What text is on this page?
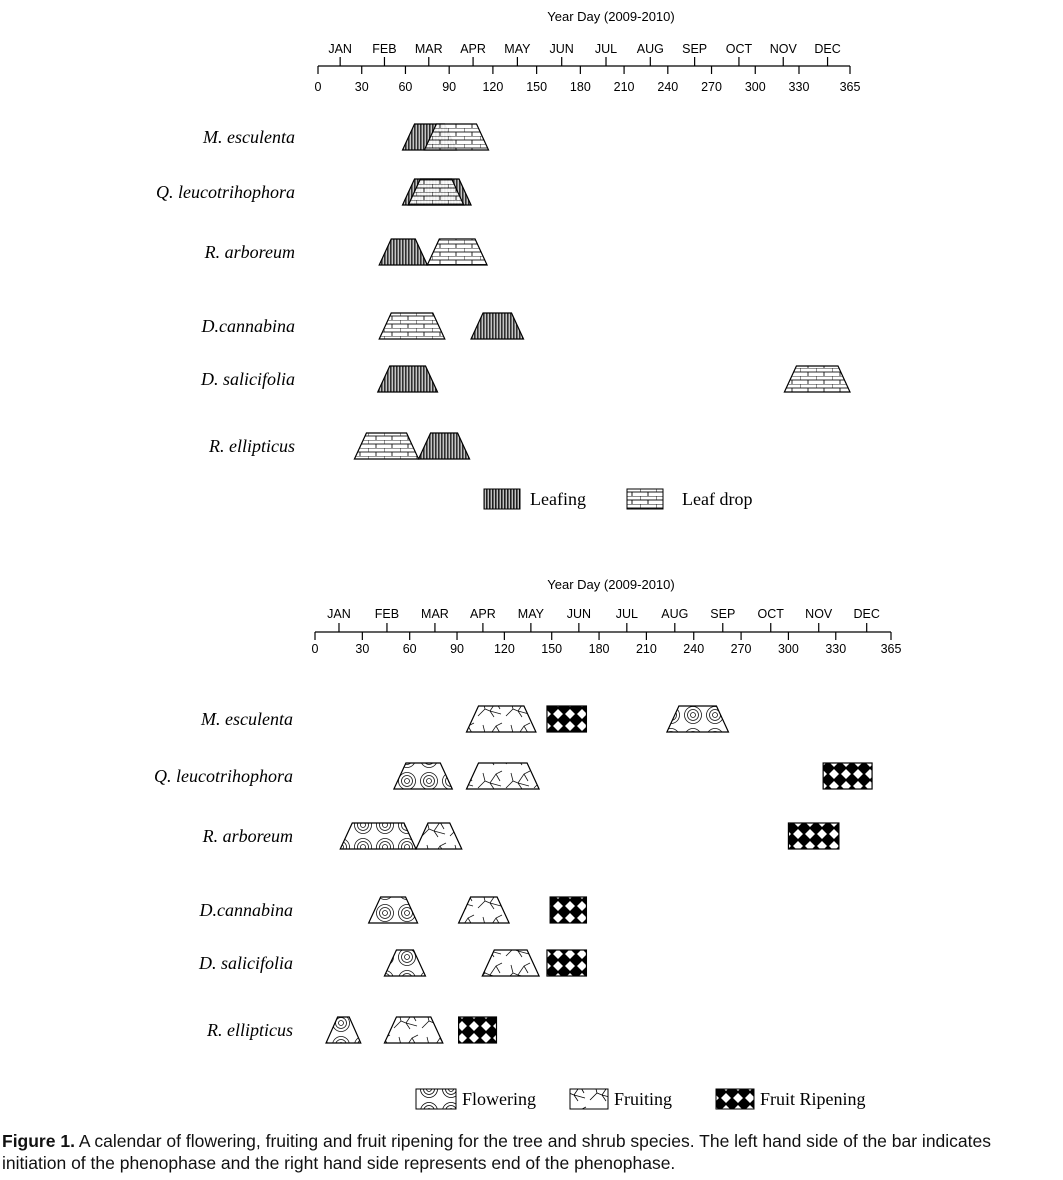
Year Day (2009-2010)
0	30 60 90 120 150 180 210 240 270 300 330 365
JAN FEB MAR APR MAY JUN JUL AUG SEP OCT NOV DEC
M. esculenta
Q. leucotrihophora
R. arboreum
D.cannabina
D. salicifolia
R. ellipticus
Leafing	Leaf drop
Year Day (2009-2010)
0	30	60	90 120 150 180 210 240 270 300 330	365
JAN FEB MAR APR MAY JUN JUL AUG SEP OCT NOV DEC
M. esculenta
Q. leucotrihophora
R. arboreum
D.cannabina
D. salicifolia
R. ellipticus
Flowering	Fruiting	Fruit Ripening
Figure 1. A calendar of flowering, fruiting and fruit ripening for the tree and shrub species. The left hand side of the bar indicates initiation of the phenophase and the right hand side represents end of the phenophase.
